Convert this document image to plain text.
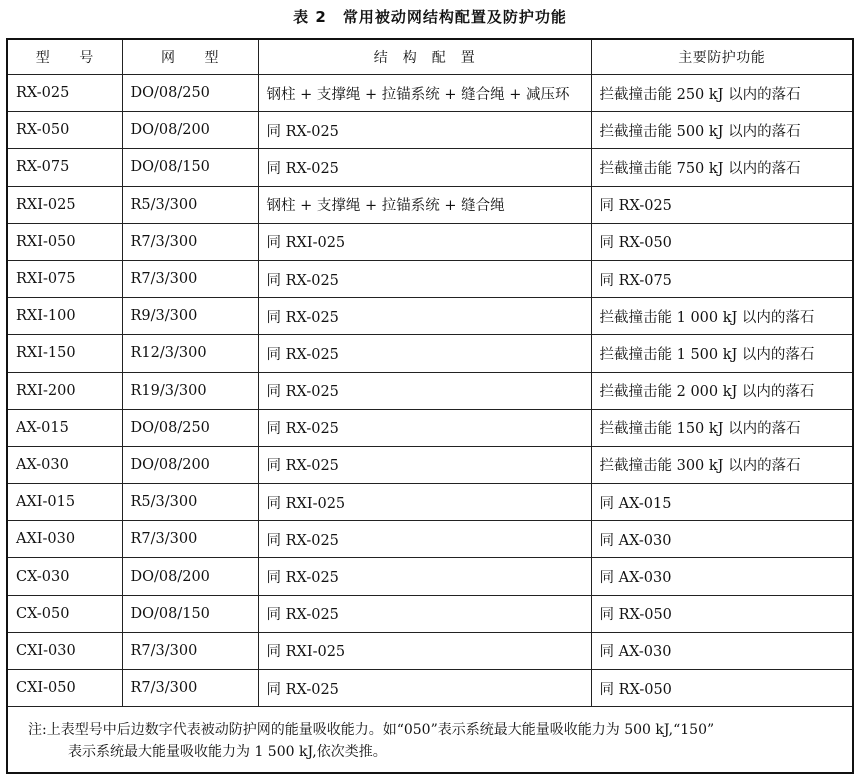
表 2　常用被动网结构配置及防护功能
型　　号	网　　型	结　构　配　置	主要防护功能
RX-025	DO/08/250	钢柱 + 支撑绳 + 拉锚系统 + 缝合绳 + 减压环	拦截撞击能 250 kJ 以内的落石
RX-050	DO/08/200	同 RX-025	拦截撞击能 500 kJ 以内的落石
RX-075	DO/08/150	同 RX-025	拦截撞击能 750 kJ 以内的落石
RXⅠ-025	R5/3/300	钢柱 + 支撑绳 + 拉锚系统 + 缝合绳	同 RX-025
RXⅠ-050	R7/3/300	同 RXⅠ-025	同 RX-050
RXⅠ-075	R7/3/300	同 RX-025	同 RX-075
RXⅠ-100	R9/3/300	同 RX-025	拦截撞击能 1 000 kJ 以内的落石
RXⅠ-150	R12/3/300	同 RX-025	拦截撞击能 1 500 kJ 以内的落石
RXⅠ-200	R19/3/300	同 RX-025	拦截撞击能 2 000 kJ 以内的落石
AX-015	DO/08/250	同 RX-025	拦截撞击能 150 kJ 以内的落石
AX-030	DO/08/200	同 RX-025	拦截撞击能 300 kJ 以内的落石
AXⅠ-015	R5/3/300	同 RXⅠ-025	同 AX-015
AXⅠ-030	R7/3/300	同 RX-025	同 AX-030
CX-030	DO/08/200	同 RX-025	同 AX-030
CX-050	DO/08/150	同 RX-025	同 RX-050
CXⅠ-030	R7/3/300	同 RXⅠ-025	同 AX-030
CXⅠ-050	R7/3/300	同 RX-025	同 RX-050
注:上表型号中后边数字代表被动防护网的能量吸收能力。如“050”表示系统最大能量吸收能力为 500 kJ,“150”
表示系统最大能量吸收能力为 1 500 kJ,依次类推。
